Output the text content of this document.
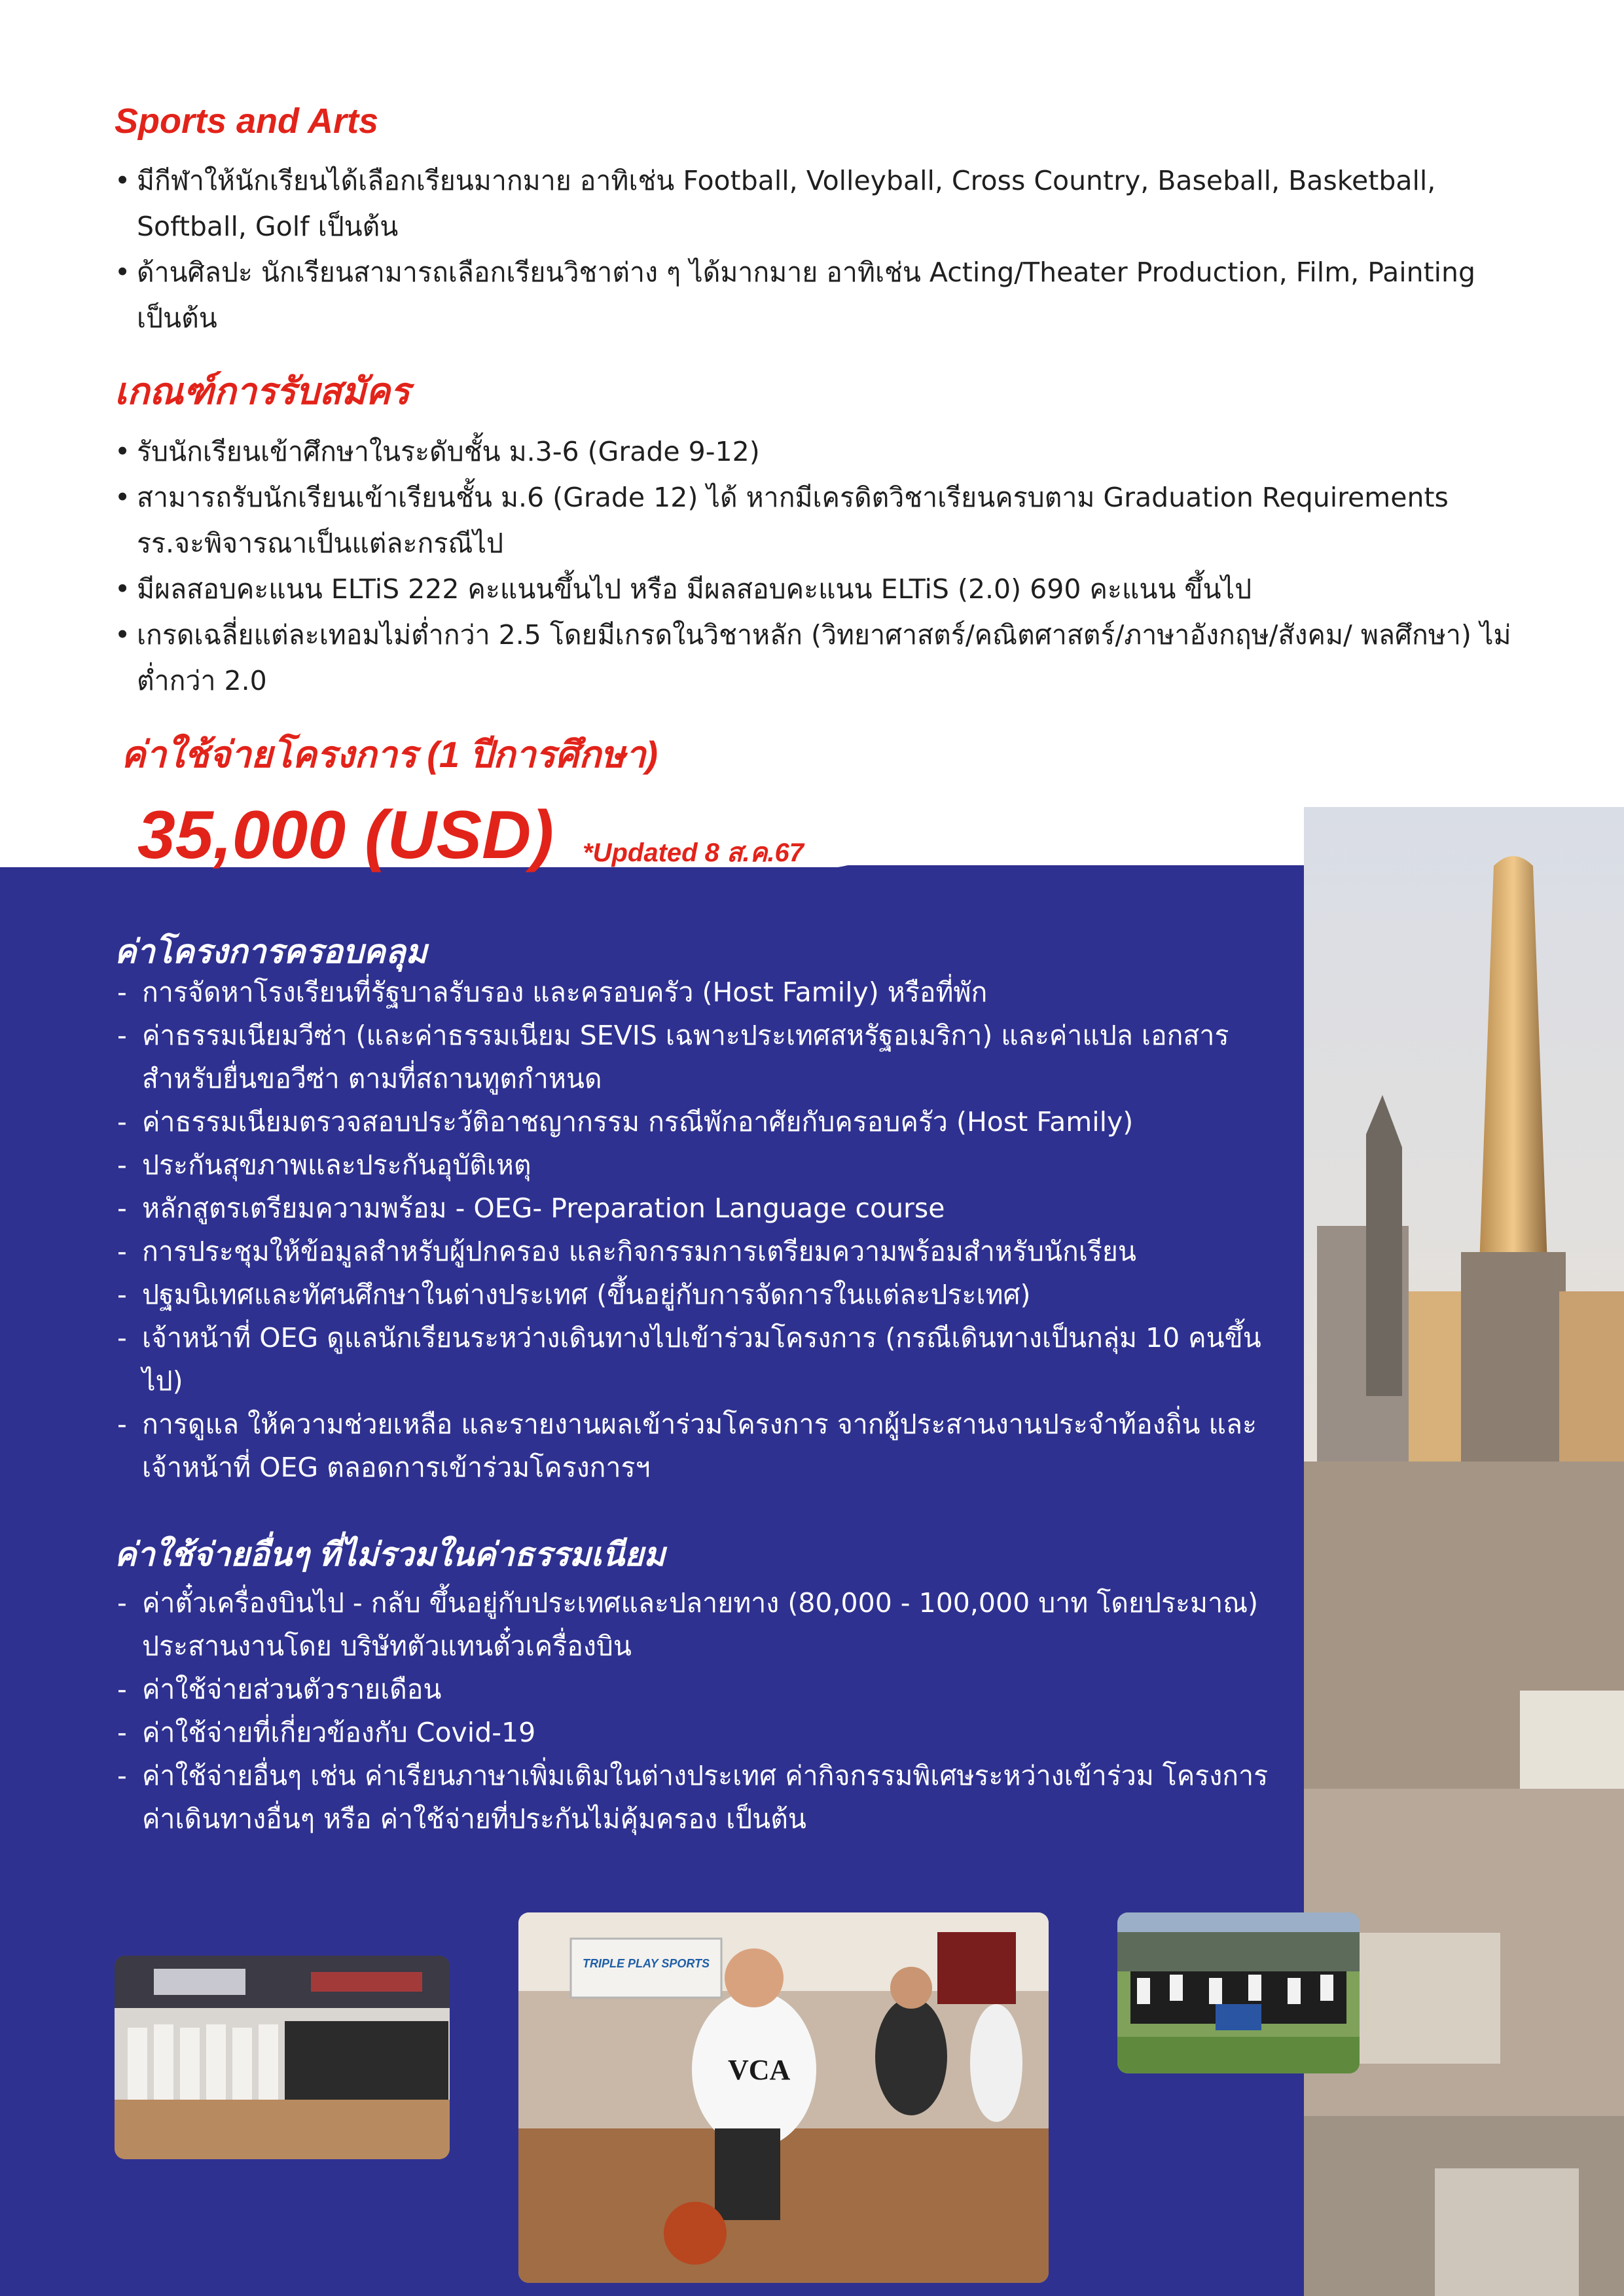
Sports and Arts
• มีกีฬาให้นักเรียนได้เลือกเรียนมากมาย อาทิเช่น Football, Volleyball, Cross Country, Baseball, Basketball, Softball, Golf เป็นต้น
• ด้านศิลปะ นักเรียนสามารถเลือกเรียนวิชาต่าง ๆ ได้มากมาย อาทิเช่น Acting/Theater Production, Film, Painting เป็นต้น
เกณฑ์การรับสมัคร
• รับนักเรียนเข้าศึกษาในระดับชั้น ม.3-6 (Grade 9-12)
• สามารถรับนักเรียนเข้าเรียนชั้น ม.6 (Grade 12) ได้ หากมีเครดิตวิชาเรียนครบตาม Graduation Requirements รร.จะพิจารณาเป็นแต่ละกรณีไป
• มีผลสอบคะแนน ELTiS 222 คะแนนขึ้นไป หรือ มีผลสอบคะแนน ELTiS (2.0) 690 คะแนน ขึ้นไป
• เกรดเฉลี่ยแต่ละเทอมไม่ต่ำกว่า 2.5 โดยมีเกรดในวิชาหลัก (วิทยาศาสตร์/คณิตศาสตร์/ภาษาอังกฤษ/สังคม/ พลศึกษา) ไม่ต่ำกว่า 2.0
ค่าใช้จ่ายโครงการ (1 ปีการศึกษา)
35,000 (USD) *Updated 8 ส.ค.67
ค่าโครงการครอบคลุม
- การจัดหาโรงเรียนที่รัฐบาลรับรอง และครอบครัว (Host Family) หรือที่พัก
- ค่าธรรมเนียมวีซ่า (และค่าธรรมเนียม SEVIS เฉพาะประเทศสหรัฐอเมริกา) และค่าแปล เอกสารสำหรับยื่นขอวีซ่า ตามที่สถานทูตกำหนด
- ค่าธรรมเนียมตรวจสอบประวัติอาชญากรรม กรณีพักอาศัยกับครอบครัว (Host Family)
- ประกันสุขภาพและประกันอุบัติเหตุ
- หลักสูตรเตรียมความพร้อม - OEG- Preparation Language course
- การประชุมให้ข้อมูลสำหรับผู้ปกครอง และกิจกรรมการเตรียมความพร้อมสำหรับนักเรียน
- ปฐมนิเทศและทัศนศึกษาในต่างประเทศ (ขึ้นอยู่กับการจัดการในแต่ละประเทศ)
- เจ้าหน้าที่ OEG ดูแลนักเรียนระหว่างเดินทางไปเข้าร่วมโครงการ (กรณีเดินทางเป็นกลุ่ม 10 คนขึ้นไป)
- การดูแล ให้ความช่วยเหลือ และรายงานผลเข้าร่วมโครงการ จากผู้ประสานงานประจำท้องถิ่น และเจ้าหน้าที่ OEG ตลอดการเข้าร่วมโครงการฯ
ค่าใช้จ่ายอื่นๆ ที่ไม่รวมในค่าธรรมเนียม
- ค่าตั๋วเครื่องบินไป - กลับ ขึ้นอยู่กับประเทศและปลายทาง (80,000 - 100,000 บาท โดยประมาณ) ประสานงานโดย บริษัทตัวแทนตั๋วเครื่องบิน
- ค่าใช้จ่ายส่วนตัวรายเดือน
- ค่าใช้จ่ายที่เกี่ยวข้องกับ Covid-19
- ค่าใช้จ่ายอื่นๆ เช่น ค่าเรียนภาษาเพิ่มเติมในต่างประเทศ ค่ากิจกรรมพิเศษระหว่างเข้าร่วม โครงการ ค่าเดินทางอื่นๆ หรือ ค่าใช้จ่ายที่ประกันไม่คุ้มครอง เป็นต้น
TRIPLE PLAY SPORTS
VCA
